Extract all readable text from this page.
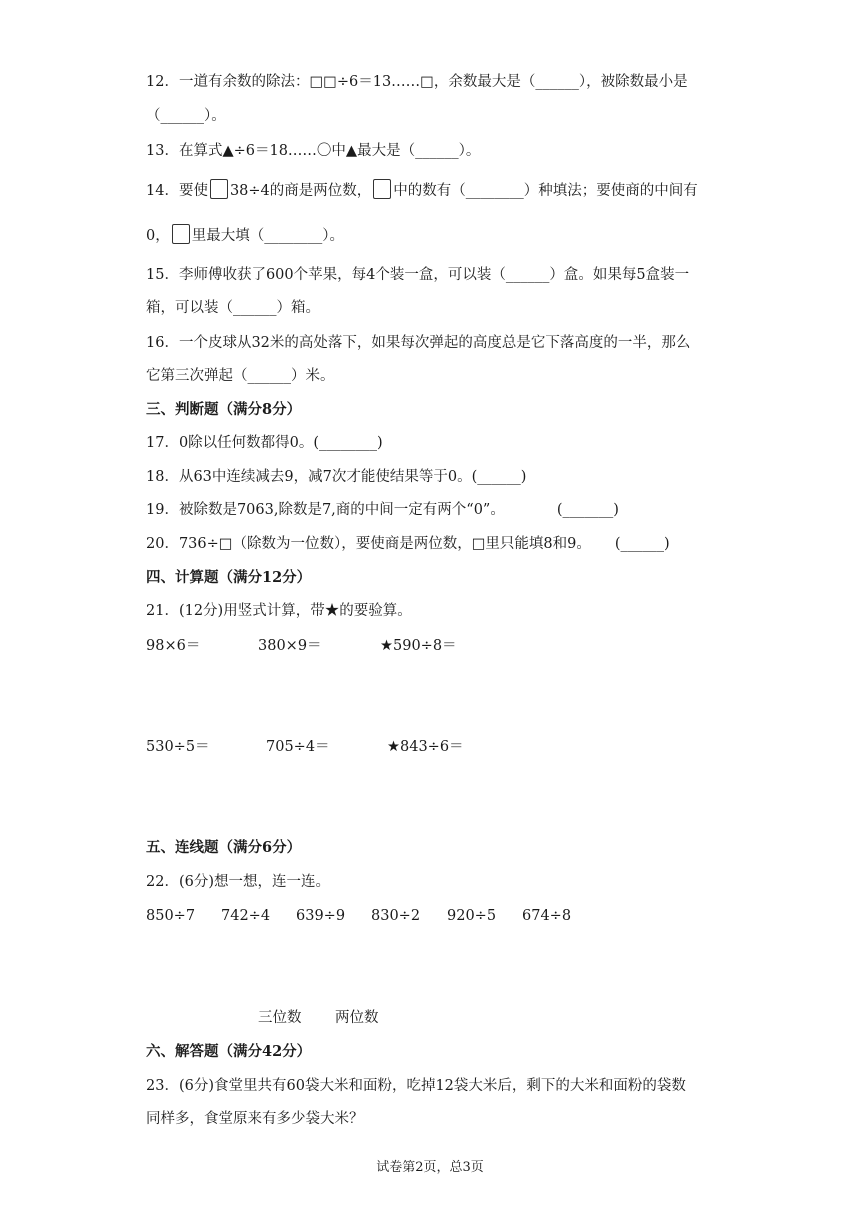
12．一道有余数的除法：□□÷6＝13……□，余数最大是（______），被除数最小是
（______）。
13．在算式▲÷6＝18……〇中▲最大是（______）。
14．要使 38÷4的商是两位数， 中的数有（________）种填法；要使商的中间有
0， 里最大填（________）。
15．李师傅收获了600个苹果，每4个装一盒，可以装（______）盒。如果每5盒装一
箱，可以装（______）箱。
16．一个皮球从32米的高处落下，如果每次弹起的高度总是它下落高度的一半，那么
它第三次弹起（______）米。
三、判断题（满分8分）
17．0除以任何数都得0。(________)
18．从63中连续减去9，减7次才能使结果等于0。(______)
19．被除数是7063,除数是7,商的中间一定有两个“0”。	(_______)
20．736÷□（除数为一位数），要使商是两位数，□里只能填8和9。 (______)
四、计算题（满分12分）
21．(12分)用竖式计算，带★的要验算。
98×6＝	380×9＝	★590÷8＝
530÷5＝	705÷4＝	★843÷6＝
五、连线题（满分6分）
22．(6分)想一想，连一连。
850÷7 742÷4 639÷9 830÷2 920÷5 674÷8
三位数 两位数
六、解答题（满分42分）
23．(6分)食堂里共有60袋大米和面粉，吃掉12袋大米后，剩下的大米和面粉的袋数
同样多，食堂原来有多少袋大米？
试卷第2页，总3页
